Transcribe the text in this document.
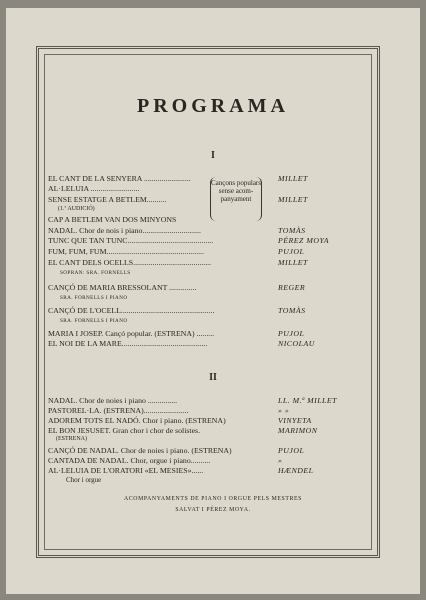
PROGRAMA
I
EL CANT DE LA SENYERA ........................	MILLET
AL·LELUIA .........................
SENSE ESTATGE A BETLEM..........	MILLET
(1.ª AUDICIÓ)
CAP A BETLEM VAN DOS MINYONS
Cançons populars sense acom- panyament
NADAL. Chor de nois i piano..............................	TOMÀS
TUNC QUE TAN TUNC............................................	PÉREZ MOYA
FUM, FUM, FUM..................................................	PUJOL
EL CANT DELS OCELLS........................................	MILLET
SOPRAN: SRA. FORNELLS
CANÇÓ DE MARIA BRESSOLANT ..............	REGER
SRA. FORNELLS I PIANO
CANÇÓ DE L'OCELL................................................	TOMÀS
SRA. FORNELLS I PIANO
MARIA I JOSEP. Cançó popular. (ESTRENA) .........	PUJOL
EL NOI DE LA MARE............................................	NICOLAU
II
NADAL. Chor de noies i piano ...............	LL. M.ª MILLET
PASTOREL·LA. (ESTRENA).......................	» »
ADOREM TOTS EL NADÓ. Chor i piano. (ESTRENA)	VINYETA
EL BON JESUSET. Gran chor i chor de solistes.	MARIMON
(ESTRENA)
CANÇÓ DE NADAL. Chor de noies i piano. (ESTRENA)	PUJOL
CANTADA DE NADAL. Chor, orgue i piano..........	»
AL·LELUIA DE L'ORATORI «EL MESIES»......	HÆNDEL
Chor i orgue
ACOMPANYAMENTS DE PIANO I ORGUE PELS MESTRES
SALVAT I PÉREZ MOYA.
